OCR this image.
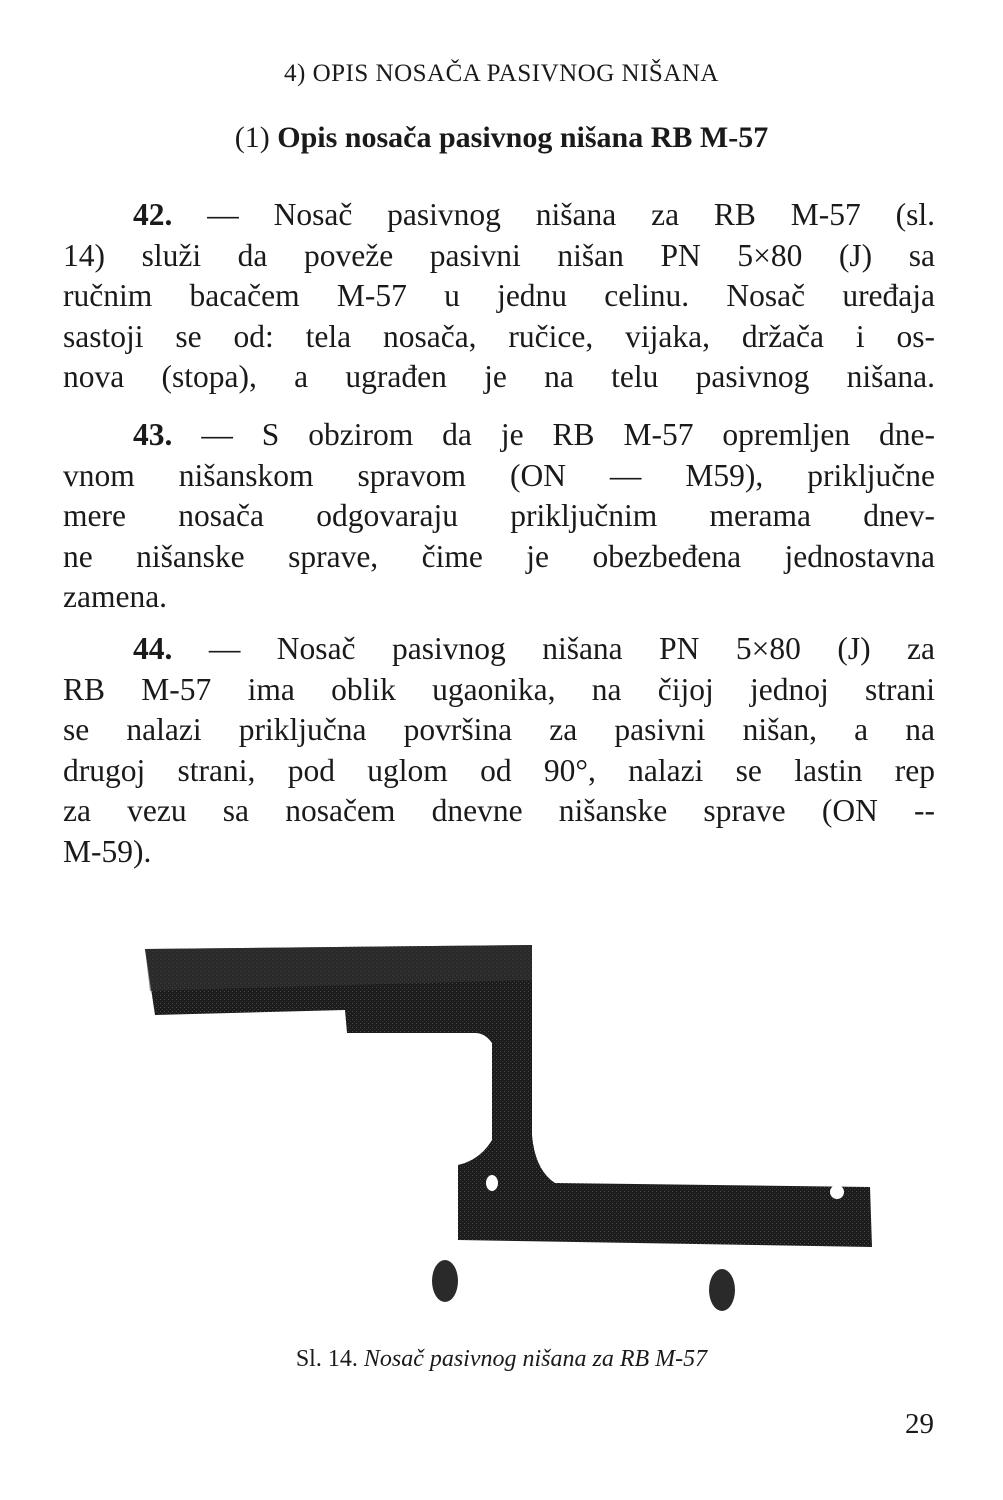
4) OPIS NOSAČA PASIVNOG NIŠANA
(1) Opis nosača pasivnog nišana RB M-57
42. — Nosač pasivnog nišana za RB M-57 (sl.
14) služi da poveže pasivni nišan PN 5×80 (J) sa
ručnim bacačem M-57 u jednu celinu. Nosač uređaja
sastoji se od: tela nosača, ručice, vijaka, držača i os-
nova (stopa), a ugrađen je na telu pasivnog nišana.
43. — S obzirom da je RB M-57 opremljen dne-
vnom nišanskom spravom (ON — M59), priključne
mere nosača odgovaraju priključnim merama dnev-
ne nišanske sprave, čime je obezbeđena jednostavna
zamena.
44. — Nosač pasivnog nišana PN 5×80 (J) za
RB M-57 ima oblik ugaonika, na čijoj jednoj strani
se nalazi priključna površina za pasivni nišan, a na
drugoj strani, pod uglom od 90°, nalazi se lastin rep
za vezu sa nosačem dnevne nišanske sprave (ON --
M-59).
Sl. 14. Nosač pasivnog nišana za RB M-57
29
